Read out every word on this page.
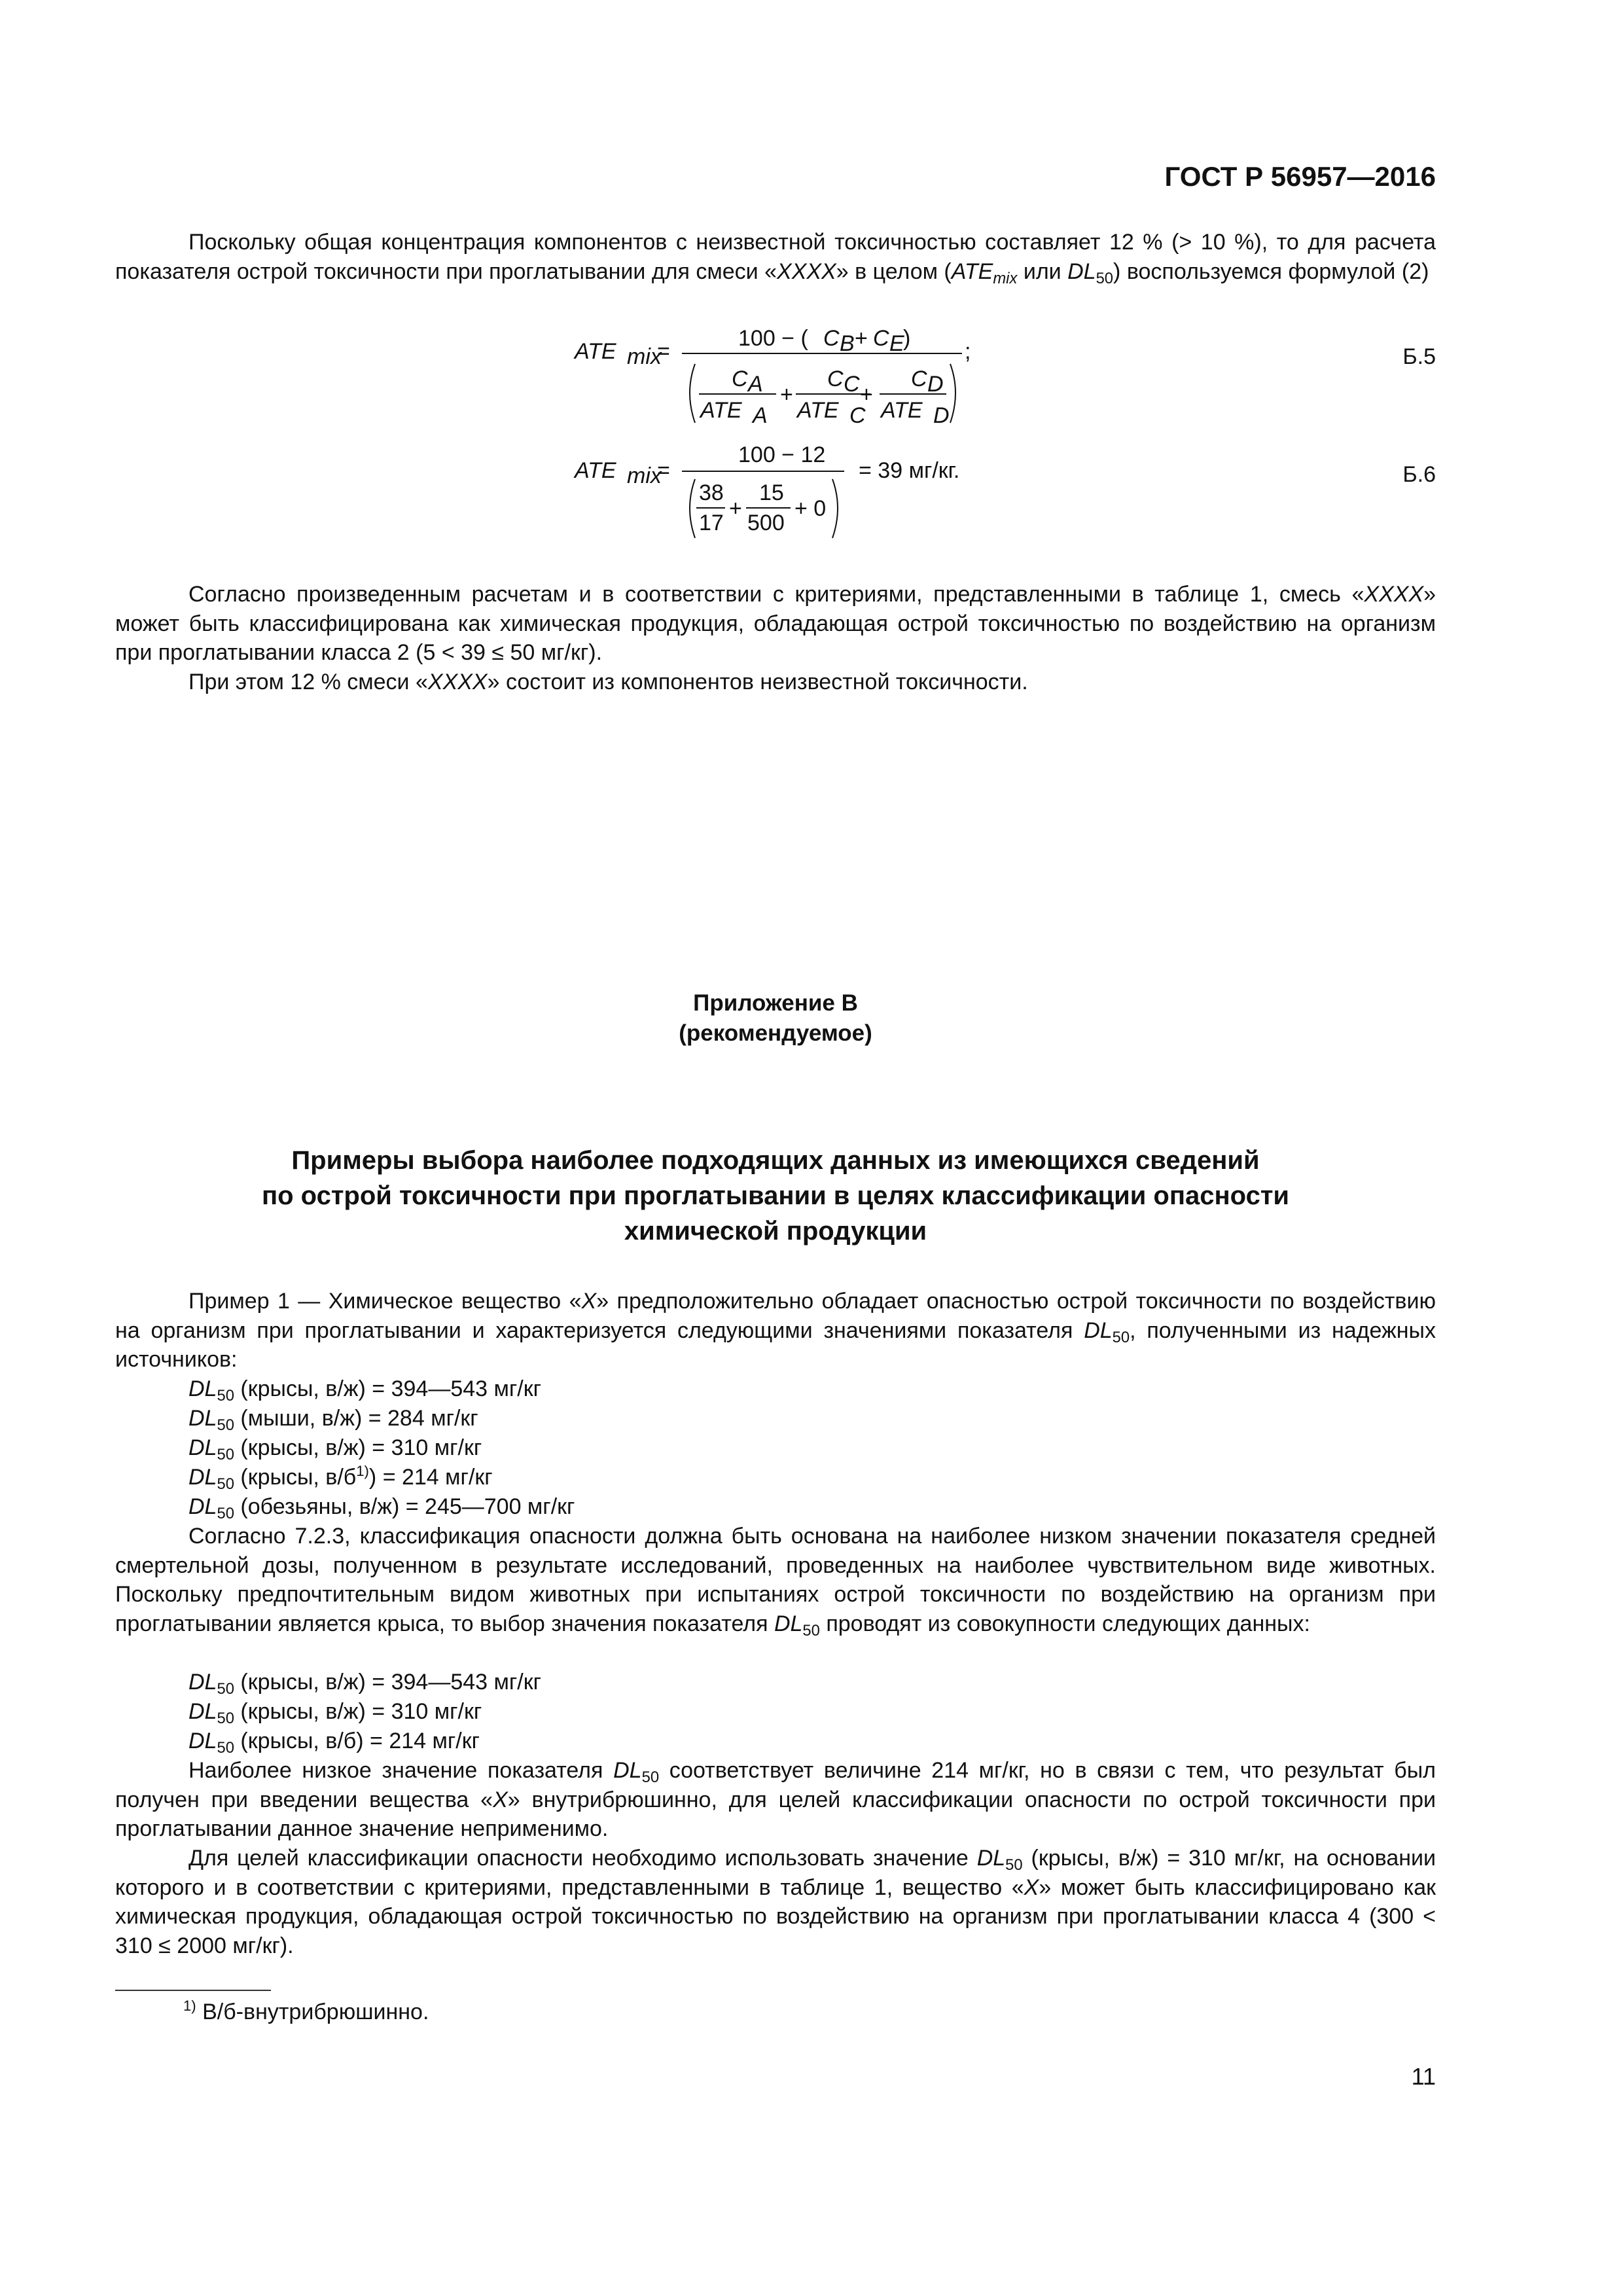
ГОСТ Р 56957—2016

Поскольку общая концентрация компонентов с неизвестной токсичностью составляет 12 % (> 10 %), то для расчета показателя острой токсичности при проглатывании для смеси «XXXX» в целом ($ATE_{mix}$ или $DL_{50}$) воспользуемся формулой (2)

ATE mix
=
100 − ( C B + C E
)
;
C A
ATE A
+
C C
ATE C
+
C D
ATE D
ATE mix
=
100 − 12
38
17
+
15
500
+ 0
= 39 мг/кг.
Б.5
Б.6

Согласно произведенным расчетам и в соответствии с критериями, представленными в таблице 1, смесь «XXXX» может быть классифицирована как химическая продукция, обладающая острой токсичностью по воздействию на организм при проглатывании класса 2 (5 < 39 ≤ 50 мг/кг).

При этом 12 % смеси «XXXX» состоит из компонентов неизвестной токсичности.

Приложение В

(рекомендуемое)

Примеры выбора наиболее подходящих данных из имеющихся сведений

по острой токсичности при проглатывании в целях классификации опасности

химической продукции

Пример 1 — Химическое вещество «X» предположительно обладает опасностью острой токсичности по воздействию на организм при проглатывании и характеризуется следующими значениями показателя $DL_{50}$, полученными из надежных источников:

$DL_{50}$ (крысы, в/ж) = 394—543 мг/кг

$DL_{50}$ (мыши, в/ж) = 284 мг/кг

$DL_{50}$ (крысы, в/ж) = 310 мг/кг

$DL_{50}$ (крысы, $в/б^{1)}) = 214$ мг/кг

$DL_{50}$ (обезьяны, в/ж) = 245—700 мг/кг

Согласно 7.2.3, классификация опасности должна быть основана на наиболее низком значении показателя средней смертельной дозы, полученном в результате исследований, проведенных на наиболее чувствительном виде животных. Поскольку предпочтительным видом животных при испытаниях острой токсичности по воздействию на организм при проглатывании является крыса, то выбор значения показателя $DL_{50}$ проводят из совокупности следующих данных:

$DL_{50}$ (крысы, в/ж) = 394—543 мг/кг

$DL_{50}$ (крысы, в/ж) = 310 мг/кг

$DL_{50}$ (крысы, в/б) = 214 мг/кг

Наиболее низкое значение показателя $DL_{50}$ соответствует величине 214 мг/кг, но в связи с тем, что результат был получен при введении вещества «X» внутрибрюшинно, для целей классификации опасности по острой токсичности при проглатывании данное значение неприменимо.

Для целей классификации опасности необходимо использовать значение $DL_{50}$ (крысы, в/ж) = 310 мг/кг, на основании которого и в соответствии с критериями, представленными в таблице 1, вещество «X» может быть классифицировано как химическая продукция, обладающая острой токсичностью по воздействию на организм при проглатывании класса 4 (300 < 310 ≤ 2000 мг/кг).

$^{1)}$ В/б-внутрибрюшинно.

11
